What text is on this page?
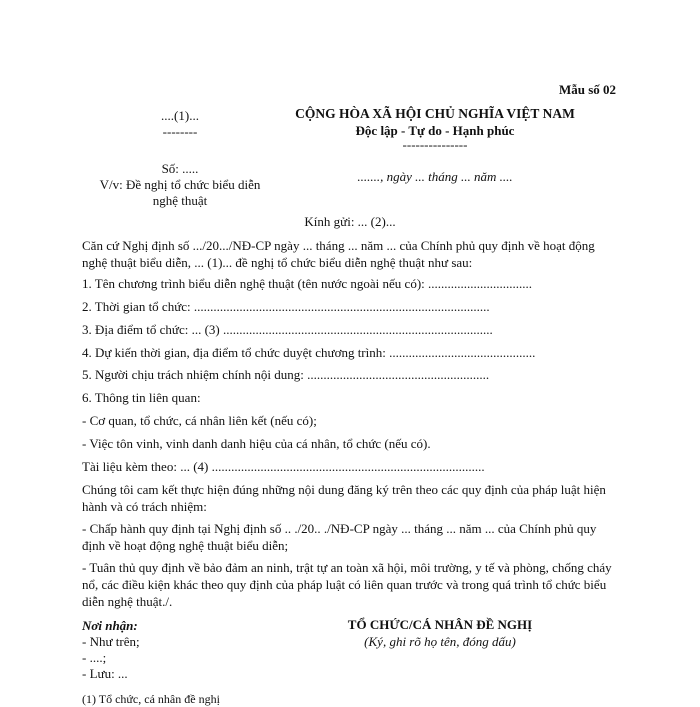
Mẫu số 02
....(1)...
--------
CỘNG HÒA XÃ HỘI CHỦ NGHĨA VIỆT NAM
Độc lập - Tự do - Hạnh phúc
---------------
Số: .....
V/v: Đề nghị tổ chức biểu diễn
nghệ thuật
......., ngày ... tháng ... năm ....
Kính gửi: ... (2)...
Căn cứ Nghị định số .../20.../NĐ-CP ngày ... tháng ... năm ... của Chính phủ quy định về hoạt động nghệ thuật biểu diễn, ... (1)... đề nghị tổ chức biểu diễn nghệ thuật như sau:
1. Tên chương trình biểu diễn nghệ thuật (tên nước ngoài nếu có): ................................
2. Thời gian tổ chức: ...........................................................................................
3. Địa điểm tổ chức: ... (3) ...................................................................................
4. Dự kiến thời gian, địa điểm tổ chức duyệt chương trình: .............................................
5. Người chịu trách nhiệm chính nội dung: ........................................................
6. Thông tin liên quan:
- Cơ quan, tổ chức, cá nhân liên kết (nếu có);
- Việc tôn vinh, vinh danh danh hiệu của cá nhân, tổ chức (nếu có).
Tài liệu kèm theo: ... (4) ....................................................................................
Chúng tôi cam kết thực hiện đúng những nội dung đăng ký trên theo các quy định của pháp luật hiện hành và có trách nhiệm:
- Chấp hành quy định tại Nghị định số .. ./20.. ./NĐ-CP ngày ... tháng ... năm ... của Chính phủ quy định về hoạt động nghệ thuật biểu diễn;
- Tuân thủ quy định về bảo đảm an ninh, trật tự an toàn xã hội, môi trường, y tế và phòng, chống cháy nổ, các điều kiện khác theo quy định của pháp luật có liên quan trước và trong quá trình tổ chức biểu diễn nghệ thuật./.
Nơi nhận:
- Như trên;
- ....;
- Lưu: ...
TỔ CHỨC/CÁ NHÂN ĐỀ NGHỊ
(Ký, ghi rõ họ tên, đóng dấu)
(1) Tổ chức, cá nhân đề nghị
